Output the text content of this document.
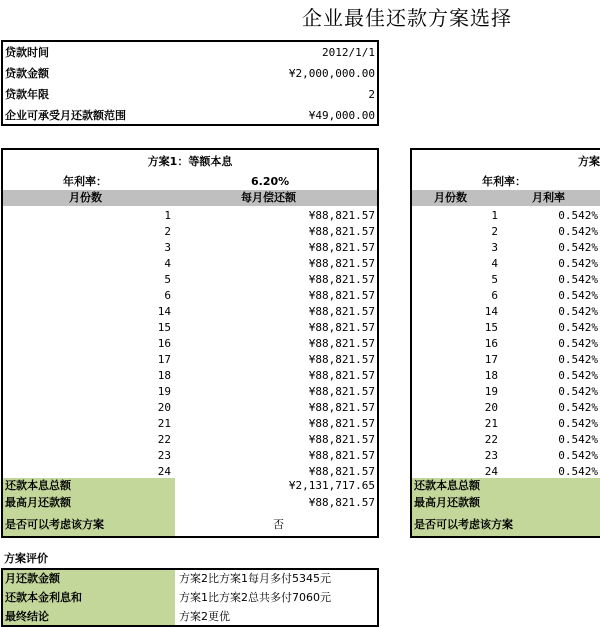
企业最佳还款方案选择
贷款时间	2012/1/1
贷款金额	¥2,000,000.00
贷款年限	2
企业可承受月还款额范围	¥49,000.00
方案1：等额本息
年利率：	6.20%
月份数	每月偿还额
1	¥88,821.57
2	¥88,821.57
3	¥88,821.57
4	¥88,821.57
5	¥88,821.57
6	¥88,821.57
14	¥88,821.57
15	¥88,821.57
16	¥88,821.57
17	¥88,821.57
18	¥88,821.57
19	¥88,821.57
20	¥88,821.57
21	¥88,821.57
22	¥88,821.57
23	¥88,821.57
24	¥88,821.57
还款本息总额	¥2,131,717.65
最高月还款额	¥88,821.57
是否可以考虑该方案	否
方案
年利率：
月份数	月利率
1	0.542%
2	0.542%
3	0.542%
4	0.542%
5	0.542%
6	0.542%
14	0.542%
15	0.542%
16	0.542%
17	0.542%
18	0.542%
19	0.542%
20	0.542%
21	0.542%
22	0.542%
23	0.542%
24	0.542%
还款本息总额
最高月还款额
是否可以考虑该方案
方案评价
月还款金额	方案2比方案1每月多付5345元
还款本金利息和	方案1比方案2总共多付7060元
最终结论	方案2更优
